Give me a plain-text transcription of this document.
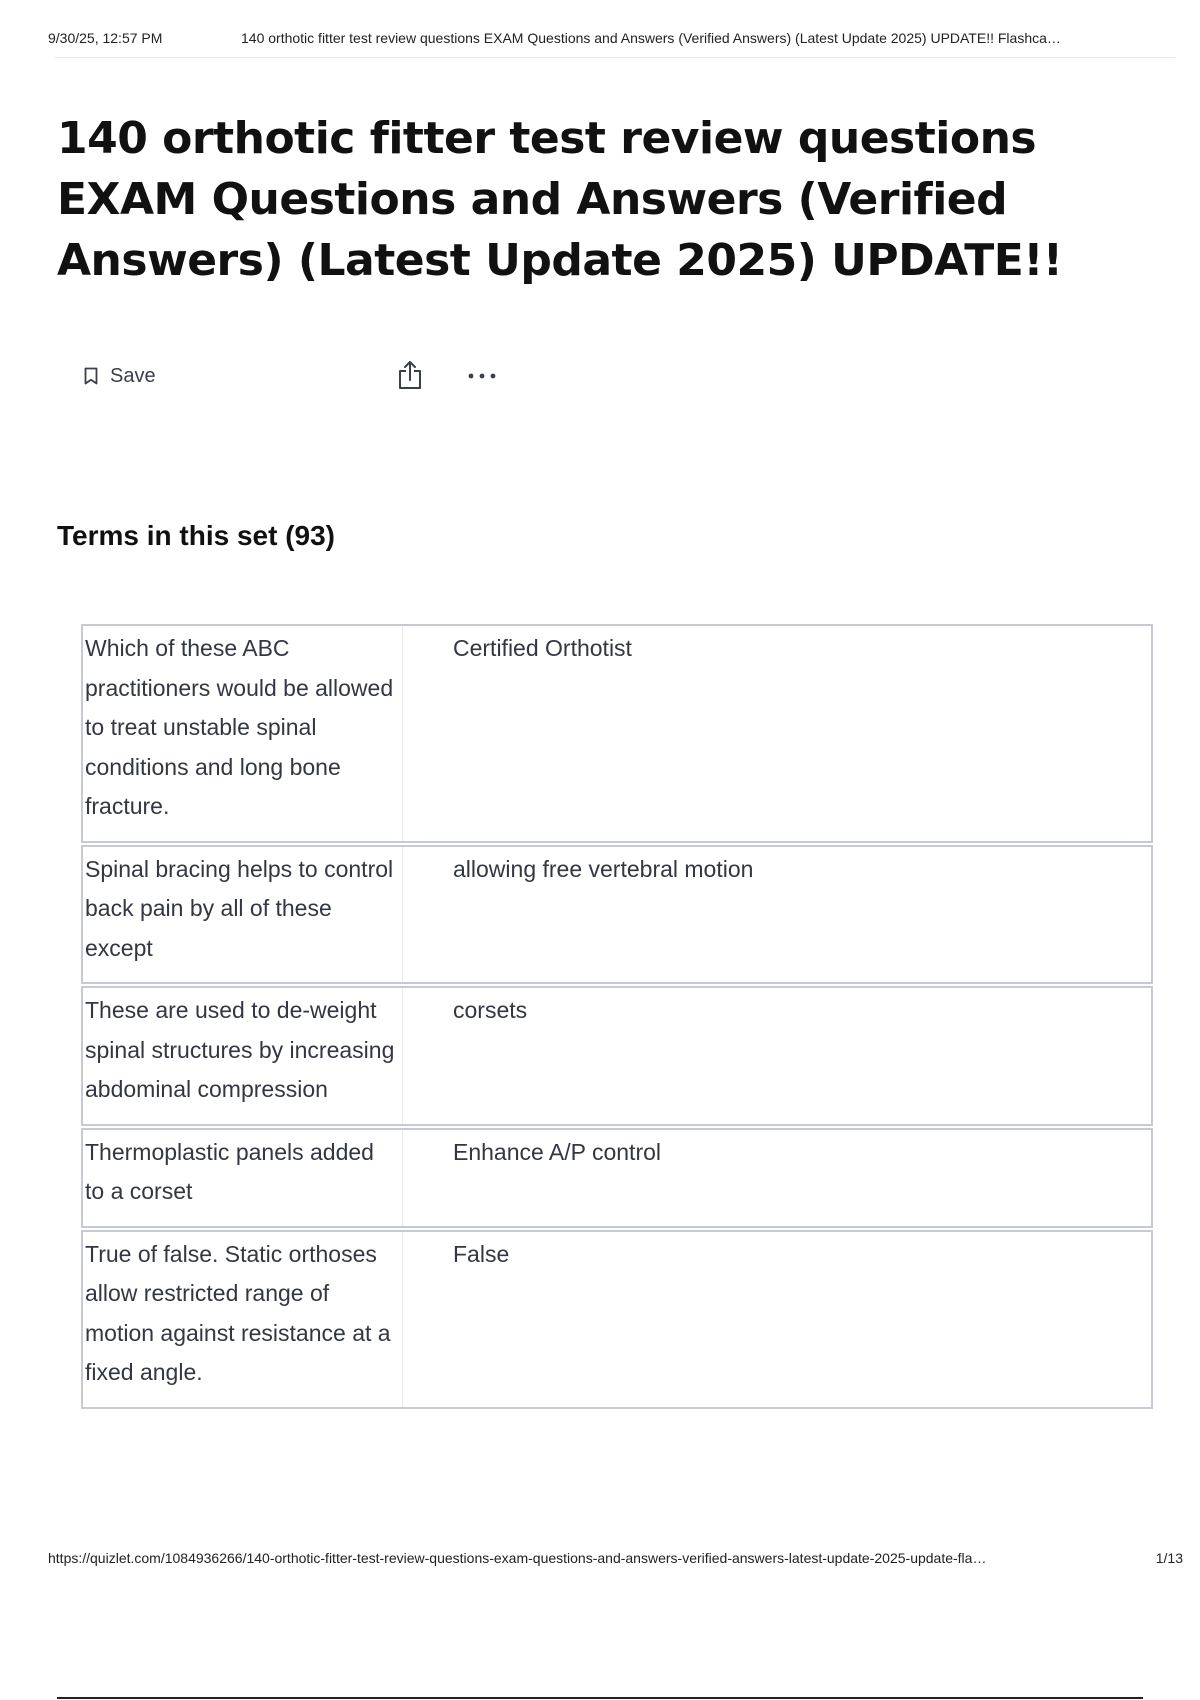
9/30/25, 12:57 PM	140 orthotic fitter test review questions EXAM Questions and Answers (Verified Answers) (Latest Update 2025) UPDATE!! Flashca…
140 orthotic fitter test review questions EXAM Questions and Answers (Verified Answers) (Latest Update 2025) UPDATE!!
Save
Terms in this set (93)
Which of these ABC practitioners would be allowed to treat unstable spinal conditions and long bone fracture.
Certified Orthotist
Spinal bracing helps to control back pain by all of these except
allowing free vertebral motion
These are used to de-weight spinal structures by increasing abdominal compression
corsets
Thermoplastic panels added to a corset
Enhance A/P control
True of false. Static orthoses allow restricted range of motion against resistance at a fixed angle.
False
https://quizlet.com/1084936266/140-orthotic-fitter-test-review-questions-exam-questions-and-answers-verified-answers-latest-update-2025-update-fla…	1/13
